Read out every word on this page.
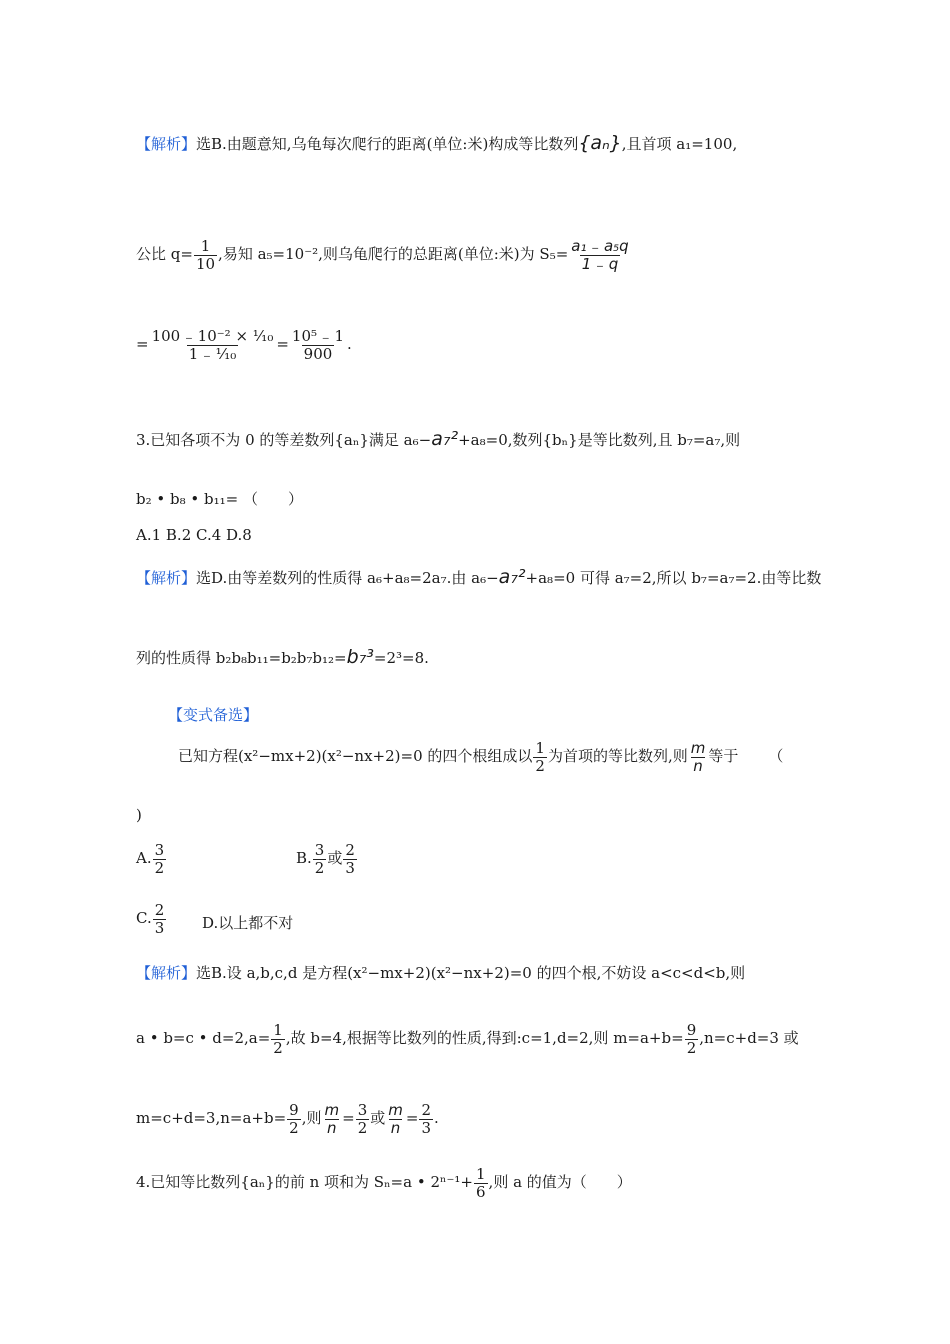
【解析】选B.由题意知,乌龟每次爬行的距离(单位:米)构成等比数列{aₙ},且首项 a₁=100,
公比 $q= \frac{1}{10}$ ,易知 a₅=10⁻²,则乌龟爬行的总距离(单位:米)为 $S_5= \frac{\text{a₁ ₋ a₅q}}{1 _- q}$
= $\frac{\text{100 ₋ 10⁻² × ¹⁄₁₀}}{\text{1 ₋ ¹⁄₁₀}} = \frac{\text{10⁵ ₋ 1}}{900}$ .
3.已知各项不为 0 的等差数列{aₙ}满足 a₆−a₇²+a₈=0,数列{bₙ}是等比数列,且 b₇=a₇,则
b₂ • b₈ • b₁₁= （　　）
A.1 B.2 C.4 D.8
【解析】选D.由等差数列的性质得 a₆+a₈=2a₇.由 a₆−a₇²+a₈=0 可得 a₇=2,所以 b₇=a₇=2.由等比数
列的性质得 b₂b₈b₁₁=b₂b₇b₁₂=b₇³=2³=8.
【变式备选】
已知方程(x²−mx+2)(x²−nx+2)=0 的四个根组成以 $\frac{1}{2}$ 为首项的等比数列,则 $\frac{m}{n}$ 等于 （
)
A. $\frac{3}{2}$	B. $\frac{3}{2}$ 或 $\frac{2}{3}$
C. $\frac{2}{3} D$.以上都不对
【解析】选B.设 a,b,c,d 是方程(x²−mx+2)(x²−nx+2)=0 的四个根,不妨设 a<c<d<b,则
a • b=c • $d=2,a= \frac{1}{2}$ ,故 b=4,根据等比数列的性质,得到:c=1,d=2,则 $m=a+b= \frac{9}{2} ,n=c+d=3$ 或
$m=c+d=3,n=a+b= \frac{9}{2}$ ,则 $\frac{m}{n} = \frac{3}{2}$ 或 $\frac{m}{n} = \frac{2}{3}$ .
4.已知等比数列{aₙ}的前 n 项和为 Sₙ=a • $2^{n-1}+ \frac{1}{6}$ ,则 a 的值为（　　）
